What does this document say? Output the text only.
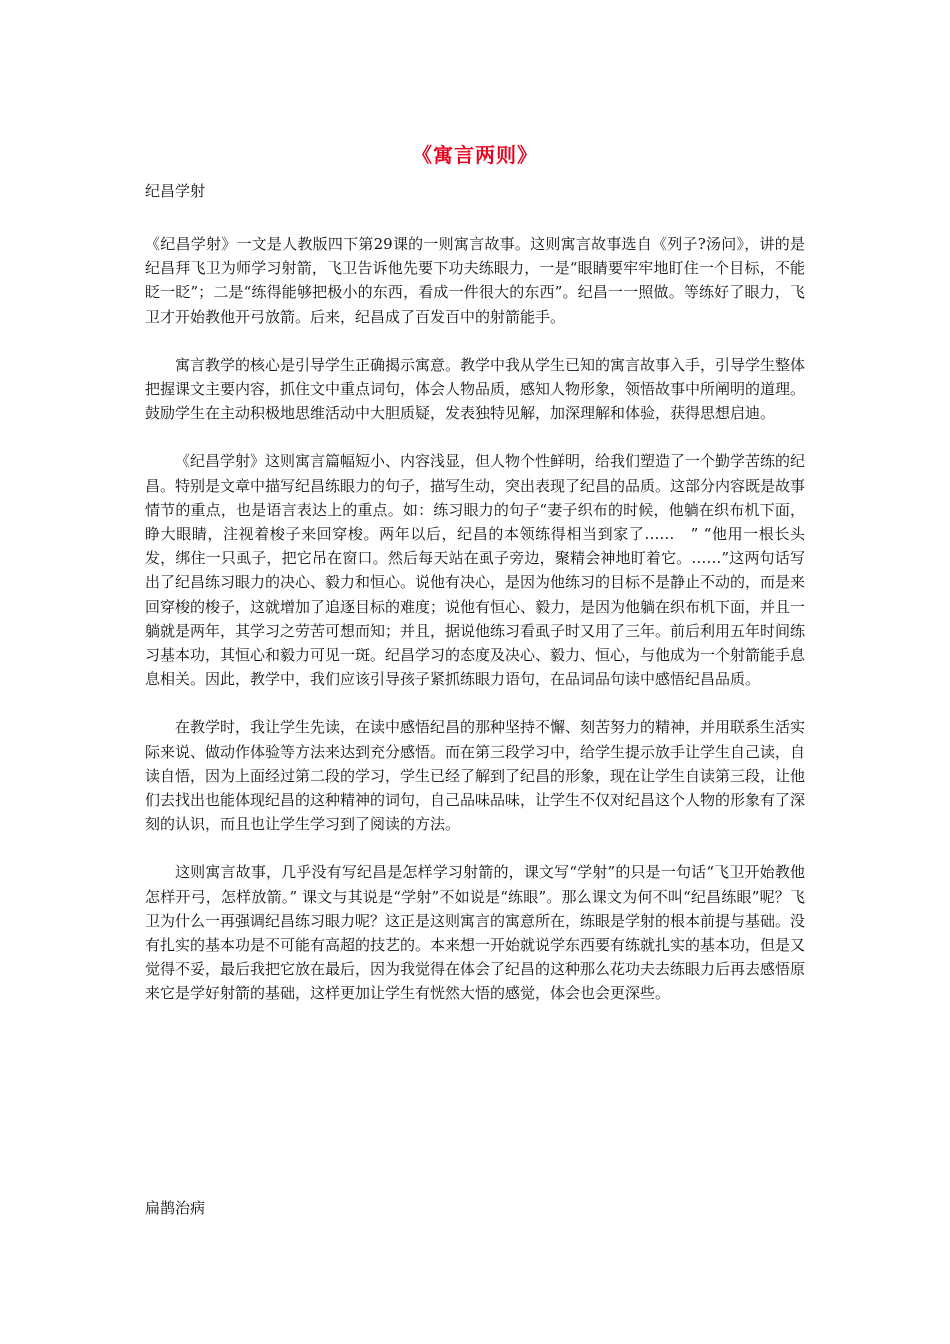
《寓言两则》
纪昌学射

《纪昌学射》一文是人教版四下第29课的一则寓言故事。这则寓言故事选自《列子?汤问》，讲的是纪昌拜飞卫为师学习射箭，飞卫告诉他先要下功夫练眼力，一是“眼睛要牢牢地盯住一个目标，不能眨一眨”；二是“练得能够把极小的东西，看成一件很大的东西”。纪昌一一照做。等练好了眼力，飞卫才开始教他开弓放箭。后来，纪昌成了百发百中的射箭能手。

寓言教学的核心是引导学生正确揭示寓意。教学中我从学生已知的寓言故事入手，引导学生整体把握课文主要内容，抓住文中重点词句，体会人物品质，感知人物形象，领悟故事中所阐明的道理。鼓励学生在主动积极地思维活动中大胆质疑，发表独特见解，加深理解和体验，获得思想启迪。

《纪昌学射》这则寓言篇幅短小、内容浅显，但人物个性鲜明，给我们塑造了一个勤学苦练的纪昌。特别是文章中描写纪昌练眼力的句子，描写生动，突出表现了纪昌的品质。这部分内容既是故事情节的重点，也是语言表达上的重点。如：练习眼力的句子“妻子织布的时候，他躺在织布机下面，睁大眼睛，注视着梭子来回穿梭。两年以后，纪昌的本领练得相当到家了……　” “他用一根长头发，绑住一只虱子，把它吊在窗口。然后每天站在虱子旁边，聚精会神地盯着它。……”这两句话写出了纪昌练习眼力的决心、毅力和恒心。说他有决心，是因为他练习的目标不是静止不动的，而是来回穿梭的梭子，这就增加了追逐目标的难度；说他有恒心、毅力，是因为他躺在织布机下面，并且一躺就是两年，其学习之劳苦可想而知；并且，据说他练习看虱子时又用了三年。前后利用五年时间练习基本功，其恒心和毅力可见一斑。纪昌学习的态度及决心、毅力、恒心，与他成为一个射箭能手息息相关。因此，教学中，我们应该引导孩子紧抓练眼力语句，在品词品句读中感悟纪昌品质。

在教学时，我让学生先读，在读中感悟纪昌的那种坚持不懈、刻苦努力的精神，并用联系生活实际来说、做动作体验等方法来达到充分感悟。而在第三段学习中，给学生提示放手让学生自己读，自读自悟，因为上面经过第二段的学习，学生已经了解到了纪昌的形象，现在让学生自读第三段，让他们去找出也能体现纪昌的这种精神的词句，自己品味品味，让学生不仅对纪昌这个人物的形象有了深刻的认识，而且也让学生学习到了阅读的方法。

这则寓言故事，几乎没有写纪昌是怎样学习射箭的，课文写“学射”的只是一句话“飞卫开始教他怎样开弓，怎样放箭。” 课文与其说是“学射”不如说是“练眼”。那么课文为何不叫“纪昌练眼”呢？飞卫为什么一再强调纪昌练习眼力呢？这正是这则寓言的寓意所在，练眼是学射的根本前提与基础。没有扎实的基本功是不可能有高超的技艺的。本来想一开始就说学东西要有练就扎实的基本功，但是又觉得不妥，最后我把它放在最后，因为我觉得在体会了纪昌的这种那么花功夫去练眼力后再去感悟原来它是学好射箭的基础，这样更加让学生有恍然大悟的感觉，体会也会更深些。

扁鹊治病
